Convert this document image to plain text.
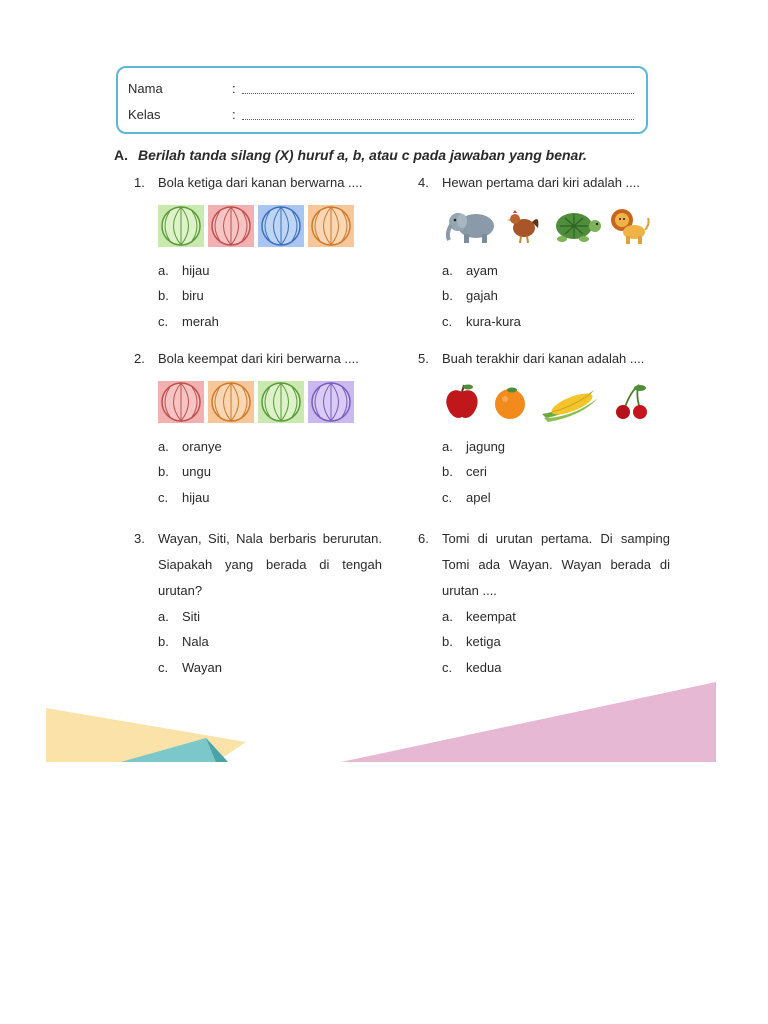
Nama	:
Kelas	:
A. Berilah tanda silang (X) huruf a, b, atau c pada jawaban yang benar.
1.	Bola ketiga dari kanan berwarna ....
a.	hijau
b.	biru
c.	merah
2.	Bola keempat dari kiri berwarna ....
a.	oranye
b.	ungu
c.	hijau
3.	Wayan, Siti, Nala berbaris berurutan. Siapakah yang berada di tengah urutan?
a.	Siti
b.	Nala
c.	Wayan
4.	Hewan pertama dari kiri adalah ....
a.	ayam
b.	gajah
c.	kura-kura
5.	Buah terakhir dari kanan adalah ....
a.	jagung
b.	ceri
c.	apel
6.	Tomi di urutan pertama. Di samping Tomi ada Wayan. Wayan berada di urutan ....
a.	keempat
b.	ketiga
c.	kedua
